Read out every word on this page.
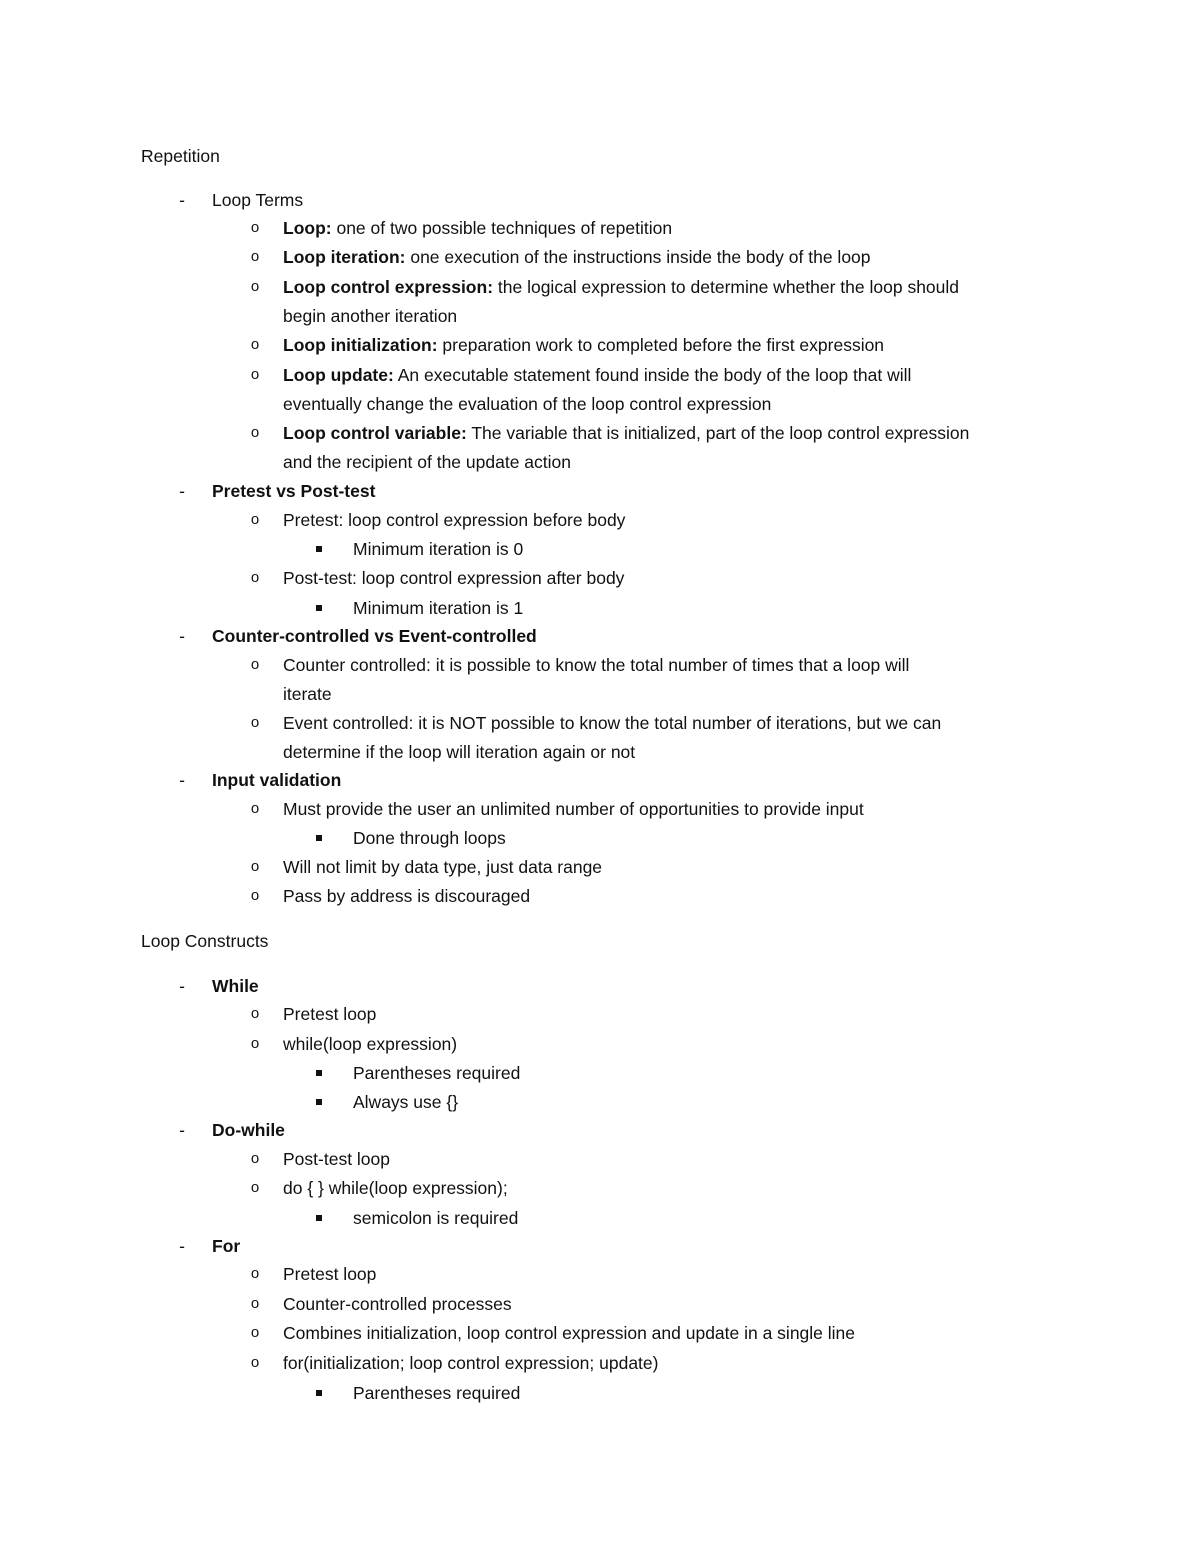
Repetition
- Loop Terms
o Loop: one of two possible techniques of repetition
o Loop iteration: one execution of the instructions inside the body of the loop
o Loop control expression: the logical expression to determine whether the loop should
begin another iteration
o Loop initialization: preparation work to completed before the first expression
o Loop update: An executable statement found inside the body of the loop that will
eventually change the evaluation of the loop control expression
o Loop control variable: The variable that is initialized, part of the loop control expression
and the recipient of the update action
- Pretest vs Post-test
o Pretest: loop control expression before body
Minimum iteration is 0
o Post-test: loop control expression after body
Minimum iteration is 1
- Counter-controlled vs Event-controlled
o Counter controlled: it is possible to know the total number of times that a loop will
iterate
o Event controlled: it is NOT possible to know the total number of iterations, but we can
determine if the loop will iteration again or not
- Input validation
o Must provide the user an unlimited number of opportunities to provide input
Done through loops
o Will not limit by data type, just data range
o Pass by address is discouraged
Loop Constructs
- While
o Pretest loop
o while(loop expression)
Parentheses required
Always use {}
- Do-while
o Post-test loop
o do { } while(loop expression);
semicolon is required
- For
o Pretest loop
o Counter-controlled processes
o Combines initialization, loop control expression and update in a single line
o for(initialization; loop control expression; update)
Parentheses required
